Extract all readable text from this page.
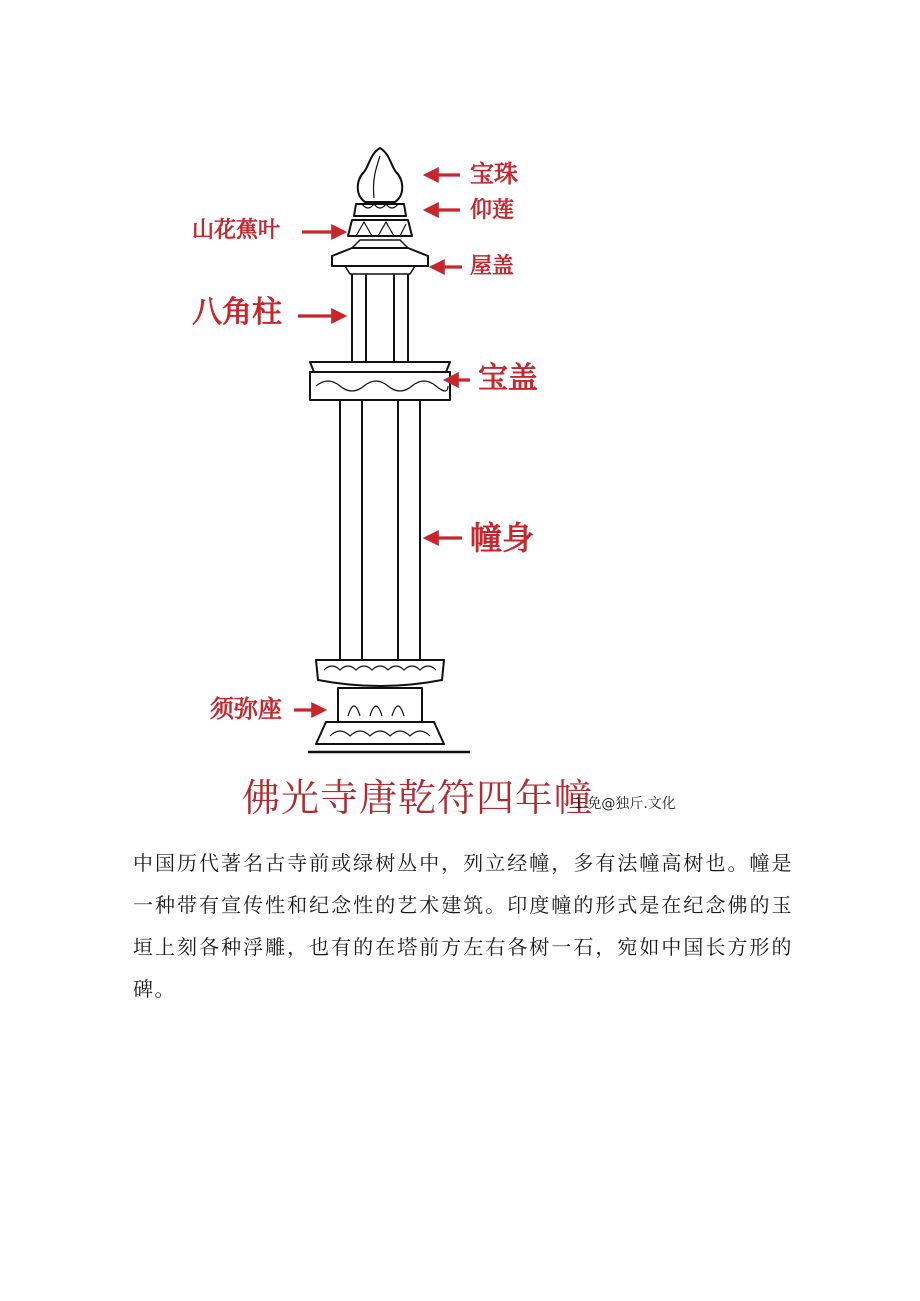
宝珠
仰莲
山花蕉叶
屋盖
八角柱
宝盖
幢身
须弥座
佛光寺唐乾符四年幢
1 免@独斤.文化

中国历代著名古寺前或绿树丛中，列立经幢，多有法幢高树也。幢是一种带有宣传性和纪念性的艺术建筑。印度幢的形式是在纪念佛的玉垣上刻各种浮雕，也有的在塔前方左右各树一石，宛如中国长方形的碑。
